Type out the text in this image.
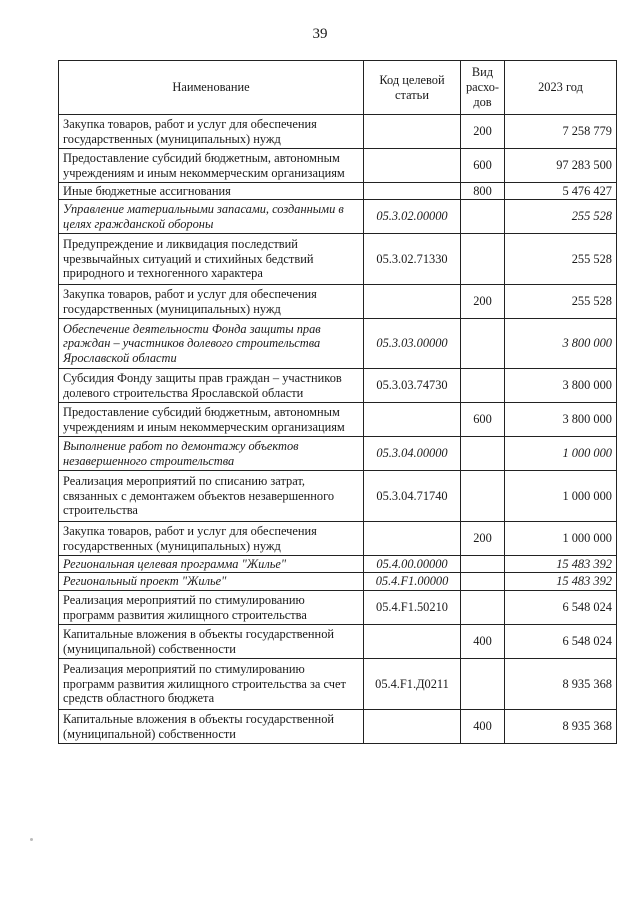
39
Наименование	Код целевой статьи	Вид расхо-дов	2023 год
Закупка товаров, работ и услуг для обеспечения государственных (муниципальных) нужд		200	7 258 779
Предоставление субсидий бюджетным, автономным учреждениям и иным некоммерческим организациям		600	97 283 500
Иные бюджетные ассигнования		800	5 476 427
Управление материальными запасами, созданными в целях гражданской обороны	05.3.02.00000		255 528
Предупреждение и ликвидация последствий чрезвычайных ситуаций и стихийных бедствий природного и техногенного характера	05.3.02.71330		255 528
Закупка товаров, работ и услуг для обеспечения государственных (муниципальных) нужд		200	255 528
Обеспечение деятельности Фонда защиты прав граждан – участников долевого строительства Ярославской области	05.3.03.00000		3 800 000
Субсидия Фонду защиты прав граждан – участников долевого строительства Ярославской области	05.3.03.74730		3 800 000
Предоставление субсидий бюджетным, автономным учреждениям и иным некоммерческим организациям		600	3 800 000
Выполнение работ по демонтажу объектов незавершенного строительства	05.3.04.00000		1 000 000
Реализация мероприятий по списанию затрат, связанных с демонтажем объектов незавершенного строительства	05.3.04.71740		1 000 000
Закупка товаров, работ и услуг для обеспечения государственных (муниципальных) нужд		200	1 000 000
Региональная целевая программа "Жилье"	05.4.00.00000		15 483 392
Региональный проект "Жилье"	05.4.F1.00000		15 483 392
Реализация мероприятий по стимулированию программ развития жилищного строительства	05.4.F1.50210		6 548 024
Капитальные вложения в объекты государственной (муниципальной) собственности		400	6 548 024
Реализация мероприятий по стимулированию программ развития жилищного строительства за счет средств областного бюджета	05.4.F1.Д0211		8 935 368
Капитальные вложения в объекты государственной (муниципальной) собственности		400	8 935 368
